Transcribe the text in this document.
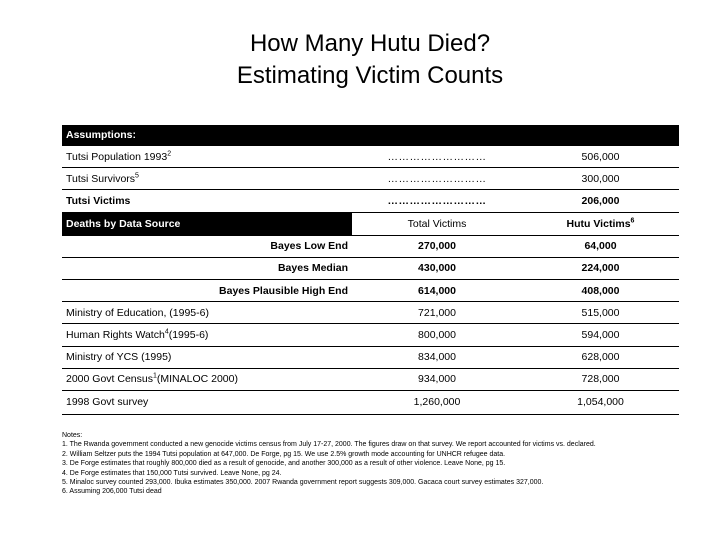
How Many Hutu Died?
Estimating Victim Counts
Assumptions:		
Tutsi Population 1993$^2$	………………………	506,000
Tutsi Survivors$^5$	………………………	300,000
Tutsi Victims	………………………	206,000
Deaths by Data Source	Total Victims	Hutu Victims$^6$
Bayes Low End	270,000	64,000
Bayes Median	430,000	224,000
Bayes Plausible High End	614,000	408,000
Ministry of Education, (1995-6)	721,000	515,000
Human Rights Watch$^4$(1995-6)	800,000	594,000
Ministry of YCS (1995)	834,000	628,000
2000 Govt Census$^1$(MINALOC 2000)	934,000	728,000
1998 Govt survey	1,260,000	1,054,000
Notes:
1. The Rwanda government conducted a new genocide victims census from July 17-27, 2000. The figures draw on that survey. We report accounted for victims vs. declared.
2. William Seltzer puts the 1994 Tutsi population at 647,000. De Forge, pg 15. We use 2.5% growth mode accounting for UNHCR refugee data.
3. De Forge estimates that roughly 800,000 died as a result of genocide, and another 300,000 as a result of other violence. Leave None, pg 15.
4. De Forge estimates that 150,000 Tutsi survived. Leave None, pg 24.
5. Minaloc survey counted 293,000. Ibuka estimates 350,000. 2007 Rwanda government report suggests 309,000. Gacaca court survey estimates 327,000.
6. Assuming 206,000 Tutsi dead
